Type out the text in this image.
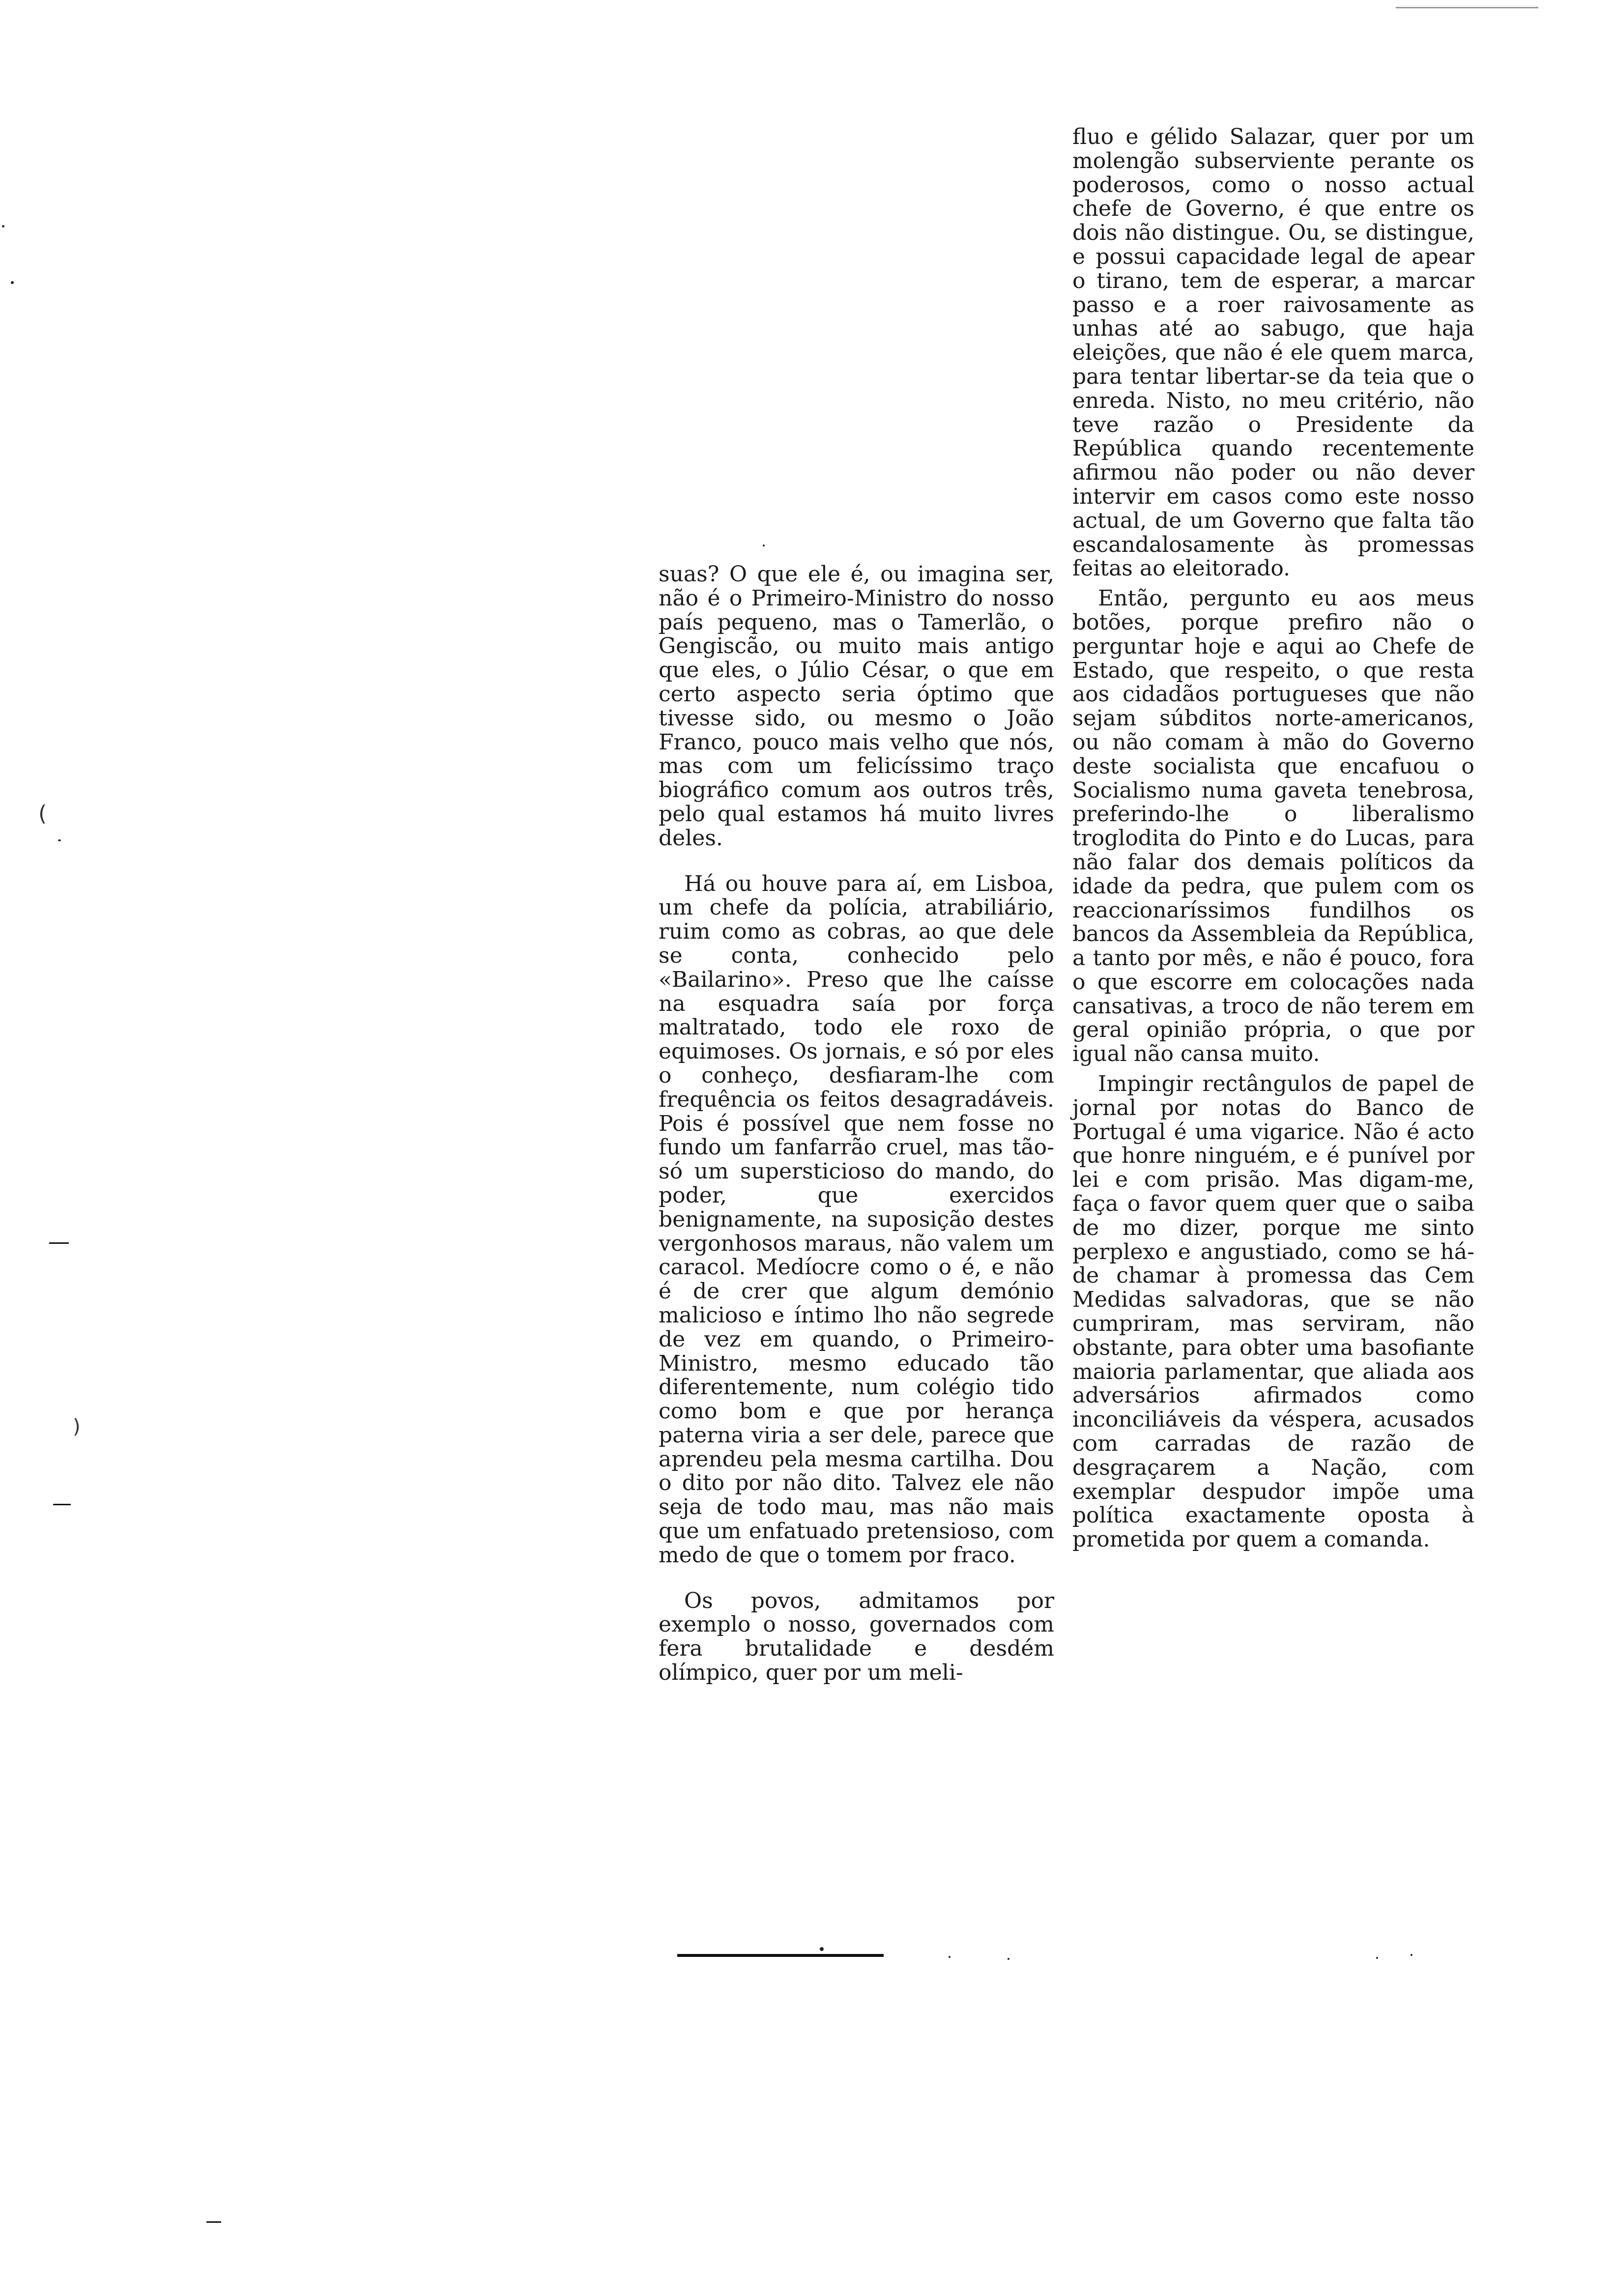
(
)

suas? O que ele é, ou imagina ser, não é o Primeiro-Ministro do nosso país pequeno, mas o Tamerlão, o Gengiscão, ou muito mais antigo que eles, o Júlio César, o que em certo aspecto seria óptimo que tivesse sido, ou mesmo o João Franco, pouco mais velho que nós, mas com um felicíssimo traço biográfico comum aos outros três, pelo qual estamos há muito livres deles.

Há ou houve para aí, em Lisboa, um chefe da polícia, atrabiliário, ruim como as cobras, ao que dele se conta, conhecido pelo «Bailarino». Preso que lhe caísse na esquadra saía por força maltratado, todo ele roxo de equimoses. Os jornais, e só por eles o conheço, desfiaram-lhe com frequência os feitos desagradáveis. Pois é possível que nem fosse no fundo um fanfarrão cruel, mas tão-só um supersticioso do mando, do poder, que exercidos benignamente, na suposição destes vergonhosos maraus, não valem um caracol. Medíocre como o é, e não é de crer que algum demónio malicioso e íntimo lho não segrede de vez em quando, o Primeiro-Ministro, mesmo educado tão diferentemente, num colégio tido como bom e que por herança paterna viria a ser dele, parece que aprendeu pela mesma cartilha. Dou o dito por não dito. Talvez ele não seja de todo mau, mas não mais que um enfatuado pretensioso, com medo de que o tomem por fraco.

Os povos, admitamos por exemplo o nosso, governados com fera brutalidade e desdém olímpico, quer por um meli-

fluo e gélido Salazar, quer por um molengão subserviente perante os poderosos, como o nosso actual chefe de Governo, é que entre os dois não distingue. Ou, se distingue, e possui capacidade legal de apear o tirano, tem de esperar, a marcar passo e a roer raivosamente as unhas até ao sabugo, que haja eleições, que não é ele quem marca, para tentar libertar-se da teia que o enreda. Nisto, no meu critério, não teve razão o Presidente da República quando recentemente afirmou não poder ou não dever intervir em casos como este nosso actual, de um Governo que falta tão escandalosamente às promessas feitas ao eleitorado.

Então, pergunto eu aos meus botões, porque prefiro não o perguntar hoje e aqui ao Chefe de Estado, que respeito, o que resta aos cidadãos portugueses que não sejam súbditos norte-americanos, ou não comam à mão do Governo deste socialista que encafuou o Socialismo numa gaveta tenebrosa, preferindo-lhe o liberalismo troglodita do Pinto e do Lucas, para não falar dos demais políticos da idade da pedra, que pulem com os reaccionaríssimos fundilhos os bancos da Assembleia da República, a tanto por mês, e não é pouco, fora o que escorre em colocações nada cansativas, a troco de não terem em geral opinião própria, o que por igual não cansa muito.

Impingir rectângulos de papel de jornal por notas do Banco de Portugal é uma vigarice. Não é acto que honre ninguém, e é punível por lei e com prisão. Mas digam-me, faça o favor quem quer que o saiba de mo dizer, porque me sinto perplexo e angustiado, como se há-de chamar à promessa das Cem Medidas salvadoras, que se não cumpriram, mas serviram, não obstante, para obter uma basofiante maioria parlamentar, que aliada aos adversários afirmados como inconciliáveis da véspera, acusados com carradas de razão de desgraçarem a Nação, com exemplar despudor impõe uma política exactamente oposta à prometida por quem a comanda.
